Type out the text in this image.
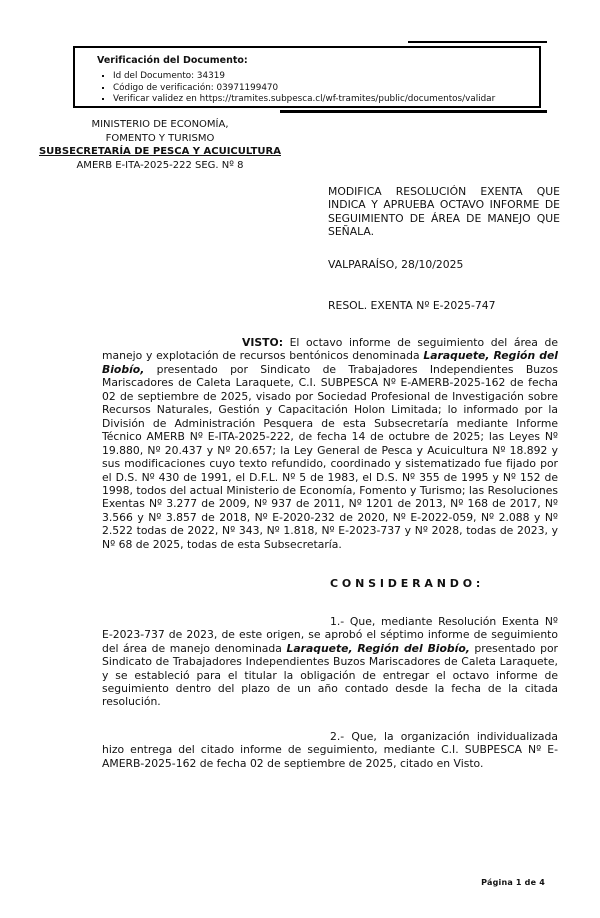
Verificación del Documento:
▪ Id del Documento: 34319
▪ Código de verificación: 03971199470
▪ Verificar validez en https://tramites.subpesca.cl/wf-tramites/public/documentos/validar
MINISTERIO DE ECONOMÍA,
FOMENTO Y TURISMO
SUBSECRETARÍA DE PESCA Y ACUICULTURA
AMERB E-ITA-2025-222 SEG. Nº 8
MODIFICA RESOLUCIÓN EXENTA QUE INDICA Y APRUEBA OCTAVO INFORME DE SEGUIMIENTO DE ÁREA DE MANEJO QUE SEÑALA.
VALPARAÍSO, 28/10/2025
RESOL. EXENTA Nº E-2025-747

VISTO: El octavo informe de seguimiento del área de manejo y explotación de recursos bentónicos denominada Laraquete, Región del Biobío, presentado por Sindicato de Trabajadores Independientes Buzos Mariscadores de Caleta Laraquete, C.I. SUBPESCA Nº E-AMERB-2025-162 de fecha 02 de septiembre de 2025, visado por Sociedad Profesional de Investigación sobre Recursos Naturales, Gestión y Capacitación Holon Limitada; lo informado por la División de Administración Pesquera de esta Subsecretaría mediante Informe Técnico AMERB Nº E-ITA-2025-222, de fecha 14 de octubre de 2025; las Leyes Nº 19.880, Nº 20.437 y Nº 20.657; la Ley General de Pesca y Acuicultura Nº 18.892 y sus modificaciones cuyo texto refundido, coordinado y sistematizado fue fijado por el D.S. Nº 430 de 1991, el D.F.L. Nº 5 de 1983, el D.S. Nº 355 de 1995 y Nº 152 de 1998, todos del actual Ministerio de Economía, Fomento y Turismo; las Resoluciones Exentas Nº 3.277 de 2009, Nº 937 de 2011, Nº 1201 de 2013, Nº 168 de 2017, Nº 3.566 y Nº 3.857 de 2018, Nº E-2020-232 de 2020, Nº E-2022-059, Nº 2.088 y Nº 2.522 todas de 2022, Nº 343, Nº 1.818, Nº E-2023-737 y Nº 2028, todas de 2023, y Nº 68 de 2025, todas de esta Subsecretaría.

C O N S I D E R A N D O :

1.- Que, mediante Resolución Exenta Nº E-2023-737 de 2023, de este origen, se aprobó el séptimo informe de seguimiento del área de manejo denominada Laraquete, Región del Biobío, presentado por Sindicato de Trabajadores Independientes Buzos Mariscadores de Caleta Laraquete, y se estableció para el titular la obligación de entregar el octavo informe de seguimiento dentro del plazo de un año contado desde la fecha de la citada resolución.

2.- Que, la organización individualizada hizo entrega del citado informe de seguimiento, mediante C.I. SUBPESCA Nº E-AMERB-2025-162 de fecha 02 de septiembre de 2025, citado en Visto.

Página 1 de 4
